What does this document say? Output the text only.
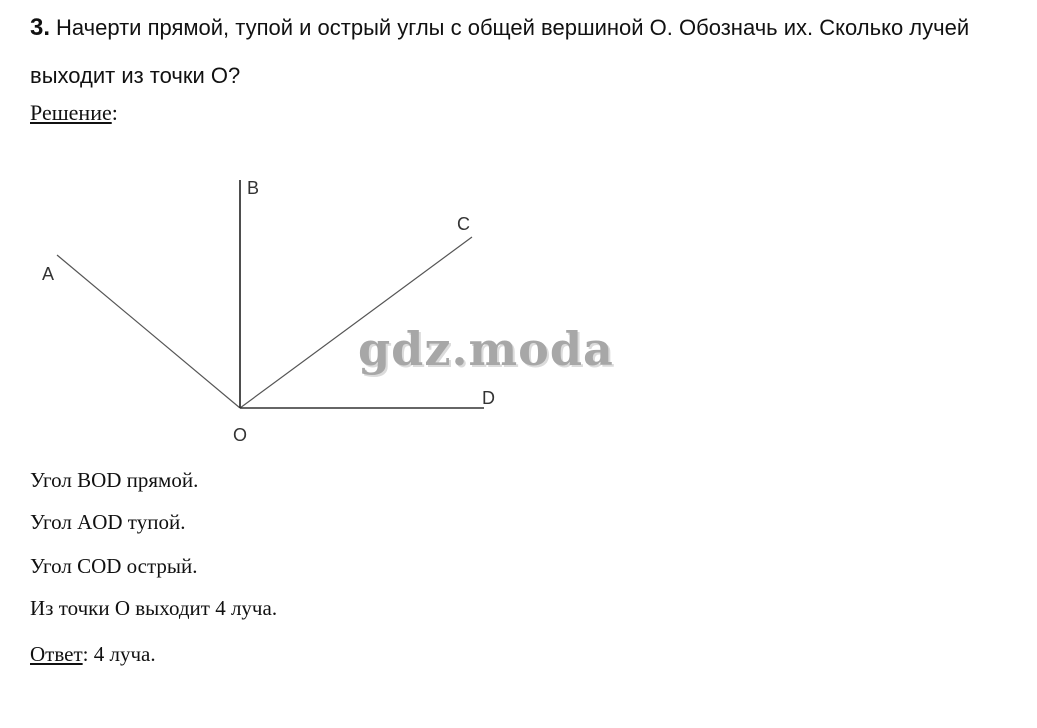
3. Начерти прямой, тупой и острый углы с общей вершиной О. Обозначь их. Сколько лучей выходит из точки О?
Решение:
A
B
C
D
O
gdz.moda
Угол BOD прямой.
Угол AOD тупой.
Угол COD острый.
Из точки О выходит 4 луча.
Ответ: 4 луча.
